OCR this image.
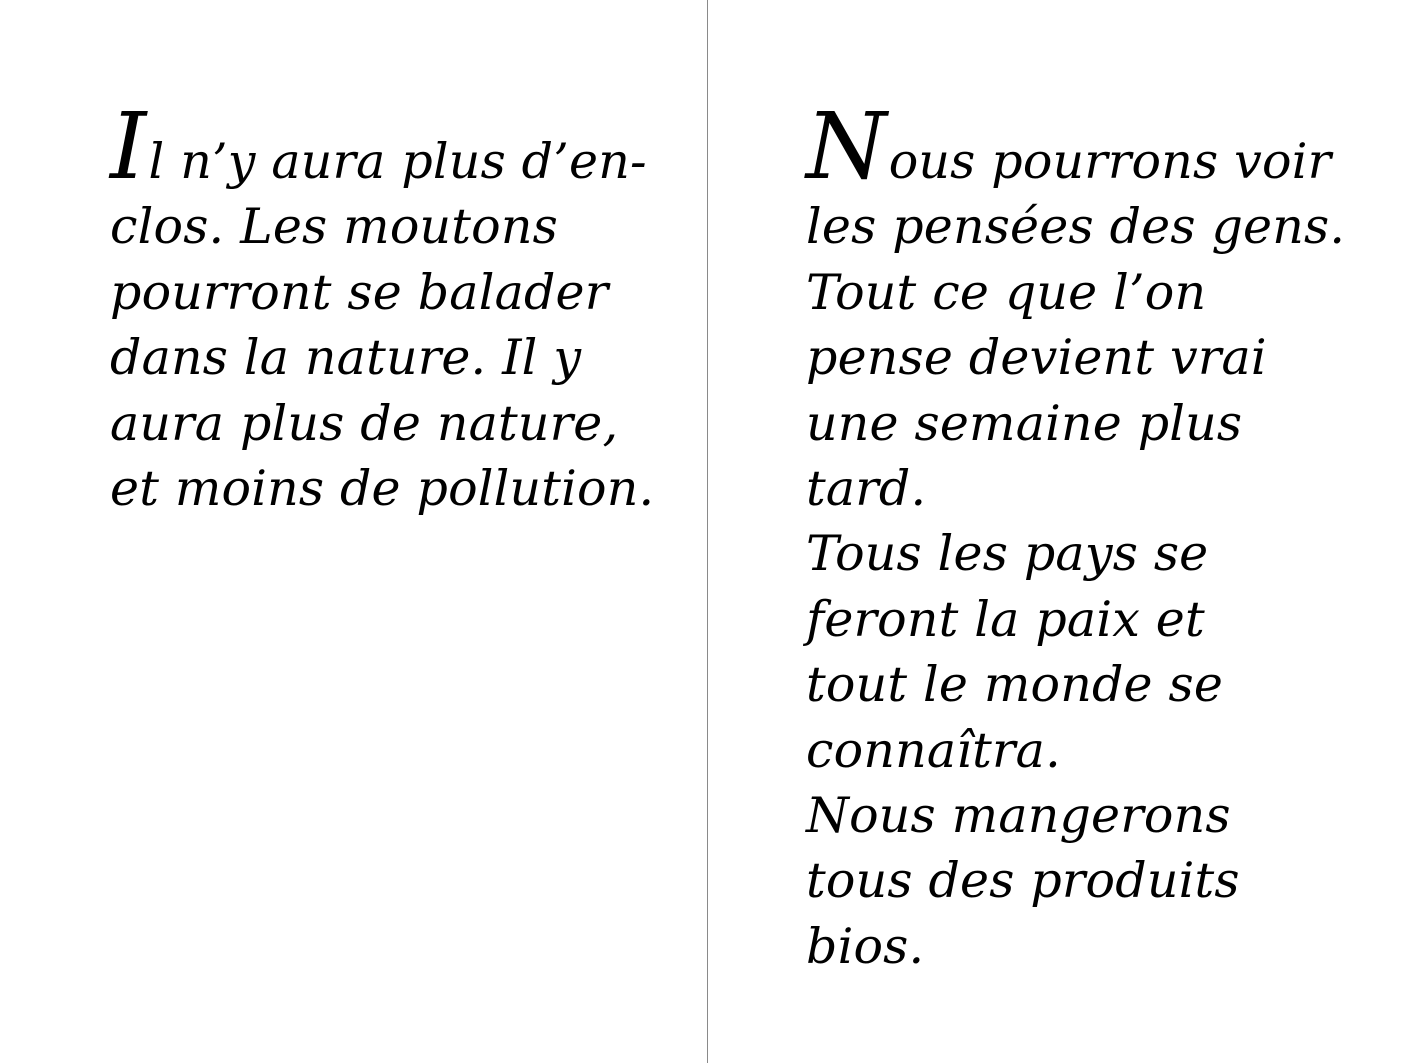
Il n’y aura plus d’en-
clos. Les moutons
pourront se balader
dans la nature. Il y
aura plus de nature,
et moins de pollution.
Nous pourrons voir
les pensées des gens.
Tout ce que l’on
pense devient vrai
une semaine plus
tard.
Tous les pays se
feront la paix et
tout le monde se
connaîtra.
Nous mangerons
tous des produits
bios.
